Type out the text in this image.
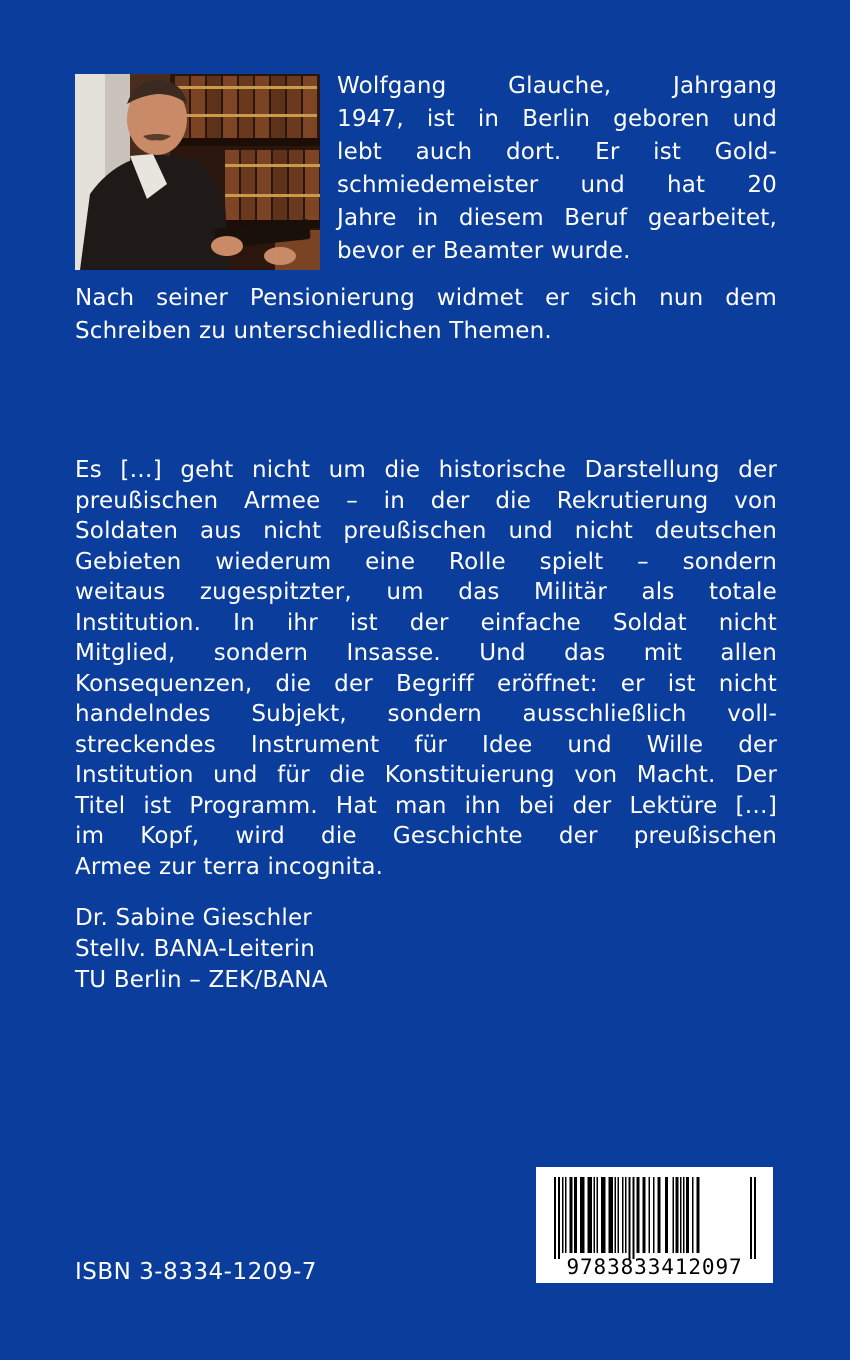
Wolfgang Glauche, Jahrgang
1947, ist in Berlin geboren und
lebt auch dort. Er ist Gold-
schmiedemeister und hat 20
Jahre in diesem Beruf gearbeitet,
bevor er Beamter wurde.
Nach seiner Pensionierung widmet er sich nun dem
Schreiben zu unterschiedlichen Themen.
Es […] geht nicht um die historische Darstellung der
preußischen Armee – in der die Rekrutierung von
Soldaten aus nicht preußischen und nicht deutschen
Gebieten wiederum eine Rolle spielt – sondern
weitaus zugespitzter, um das Militär als totale
Institution. In ihr ist der einfache Soldat nicht
Mitglied, sondern Insasse. Und das mit allen
Konsequenzen, die der Begriff eröffnet: er ist nicht
handelndes Subjekt, sondern ausschließlich voll-
streckendes Instrument für Idee und Wille der
Institution und für die Konstituierung von Macht. Der
Titel ist Programm. Hat man ihn bei der Lektüre […]
im Kopf, wird die Geschichte der preußischen
Armee zur terra incognita.
Dr. Sabine Gieschler
Stellv. BANA-Leiterin
TU Berlin – ZEK/BANA
ISBN 3-8334-1209-7	9783833412097
